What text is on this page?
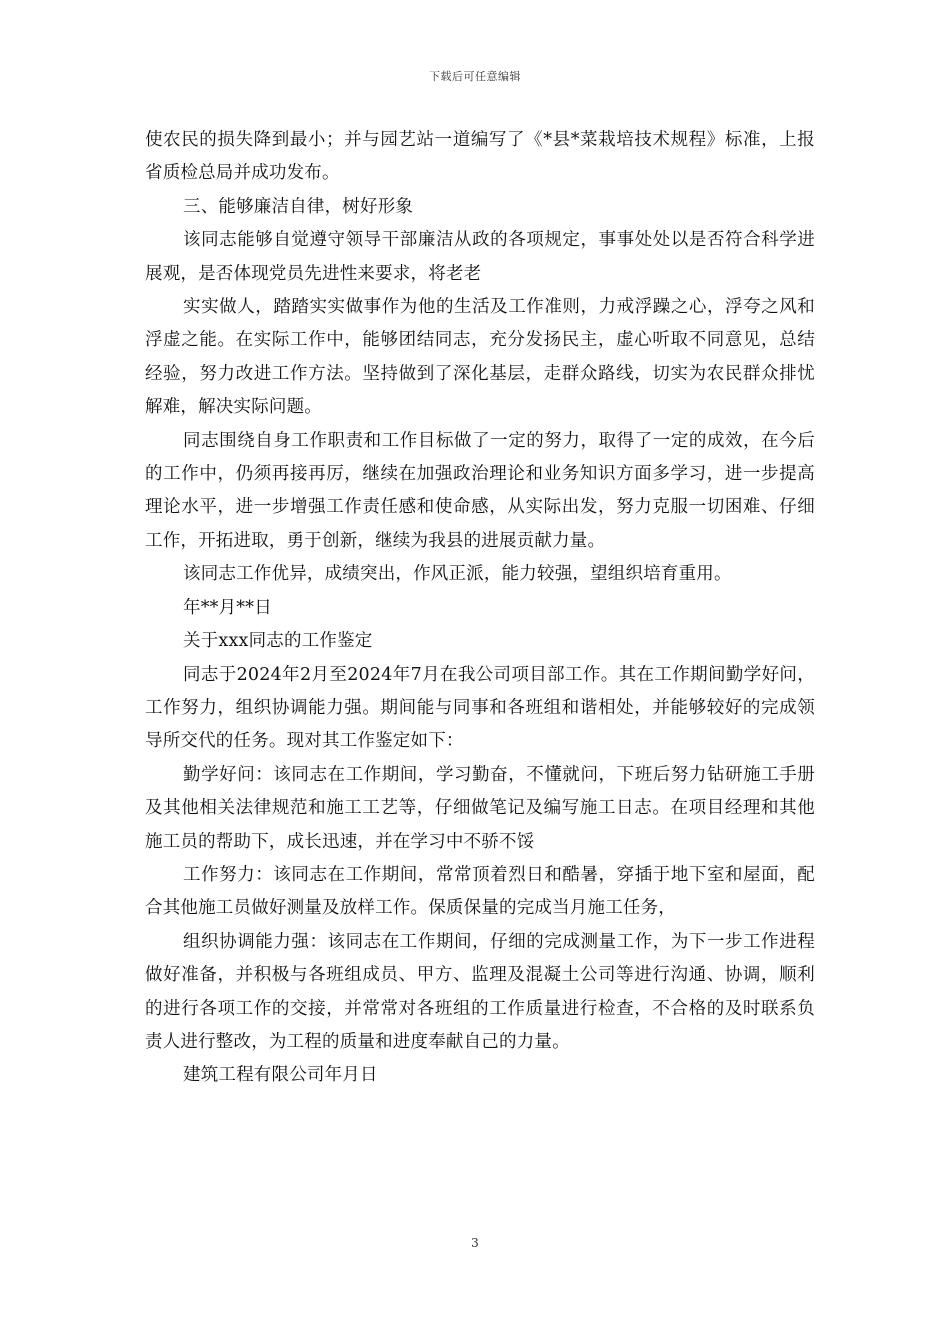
下载后可任意编辑

使农民的损失降到最小；并与园艺站一道编写了《*县*菜栽培技术规程》标准，上报省质检总局并成功发布。

三、能够廉洁自律，树好形象

该同志能够自觉遵守领导干部廉洁从政的各项规定，事事处处以是否符合科学进展观，是否体现党员先进性来要求，将老老

实实做人，踏踏实实做事作为他的生活及工作准则，力戒浮躁之心，浮夸之风和浮虚之能。在实际工作中，能够团结同志，充分发扬民主，虚心听取不同意见，总结经验，努力改进工作方法。坚持做到了深化基层，走群众路线，切实为农民群众排忧解难，解决实际问题。

同志围绕自身工作职责和工作目标做了一定的努力，取得了一定的成效，在今后的工作中，仍须再接再厉，继续在加强政治理论和业务知识方面多学习，进一步提高理论水平，进一步增强工作责任感和使命感，从实际出发，努力克服一切困难、仔细工作，开拓进取，勇于创新，继续为我县的进展贡献力量。

该同志工作优异，成绩突出，作风正派，能力较强，望组织培育重用。

年**月**日

关于xxx同志的工作鉴定

同志于2024年2月至2024年7月在我公司项目部工作。其在工作期间勤学好问，工作努力，组织协调能力强。期间能与同事和各班组和谐相处，并能够较好的完成领导所交代的任务。现对其工作鉴定如下：

勤学好问：该同志在工作期间，学习勤奋，不懂就问，下班后努力钻研施工手册及其他相关法律规范和施工工艺等，仔细做笔记及编写施工日志。在项目经理和其他施工员的帮助下，成长迅速，并在学习中不骄不馁

工作努力：该同志在工作期间，常常顶着烈日和酷暑，穿插于地下室和屋面，配合其他施工员做好测量及放样工作。保质保量的完成当月施工任务，

组织协调能力强：该同志在工作期间，仔细的完成测量工作，为下一步工作进程做好准备，并积极与各班组成员、甲方、监理及混凝土公司等进行沟通、协调，顺利的进行各项工作的交接，并常常对各班组的工作质量进行检查，不合格的及时联系负责人进行整改，为工程的质量和进度奉献自己的力量。

建筑工程有限公司年月日

3
